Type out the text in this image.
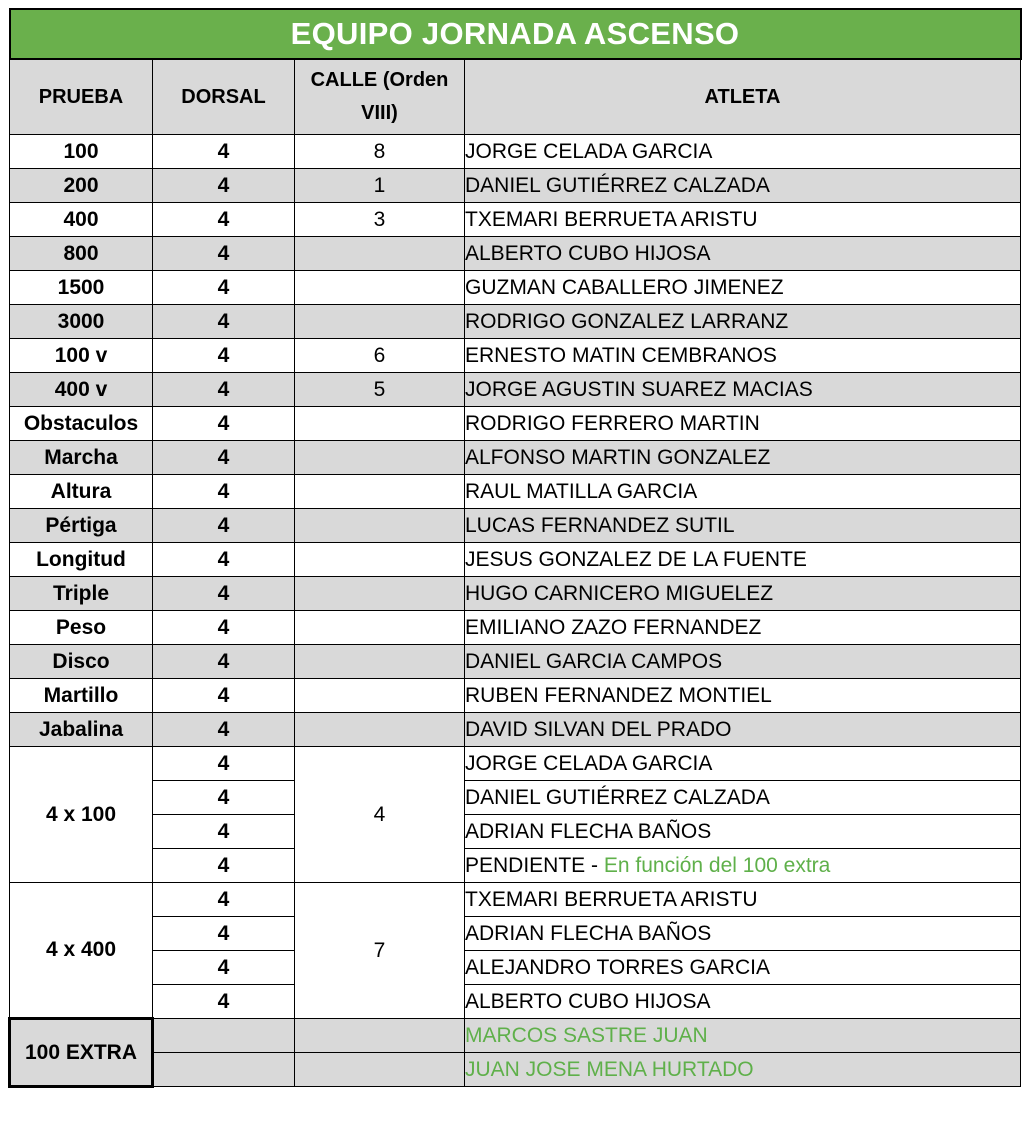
EQUIPO JORNADA ASCENSO			
PRUEBA	DORSAL	CALLE (Orden VIII)	ATLETA
100	4	8	JORGE CELADA GARCIA
200	4	1	DANIEL GUTIÉRREZ CALZADA
400	4	3	TXEMARI BERRUETA ARISTU
800	4		ALBERTO CUBO HIJOSA
1500	4		GUZMAN CABALLERO JIMENEZ
3000	4		RODRIGO GONZALEZ LARRANZ
100 v	4	6	ERNESTO MATIN CEMBRANOS
400 v	4	5	JORGE AGUSTIN SUAREZ MACIAS
Obstaculos	4		RODRIGO FERRERO MARTIN
Marcha	4		ALFONSO MARTIN GONZALEZ
Altura	4		RAUL MATILLA GARCIA
Pértiga	4		LUCAS FERNANDEZ SUTIL
Longitud	4		JESUS GONZALEZ DE LA FUENTE
Triple	4		HUGO CARNICERO MIGUELEZ
Peso	4		EMILIANO ZAZO FERNANDEZ
Disco	4		DANIEL GARCIA CAMPOS
Martillo	4		RUBEN FERNANDEZ MONTIEL
Jabalina	4		DAVID SILVAN DEL PRADO
4 x 100	4	4	JORGE CELADA GARCIA
	4		DANIEL GUTIÉRREZ CALZADA
	4		ADRIAN FLECHA BAÑOS
	4		PENDIENTE - En función del 100 extra
4 x 400	4	7	TXEMARI BERRUETA ARISTU
	4		ADRIAN FLECHA BAÑOS
	4		ALEJANDRO TORRES GARCIA
	4		ALBERTO CUBO HIJOSA
100 EXTRA			MARCOS SASTRE JUAN
			JUAN JOSE MENA HURTADO
